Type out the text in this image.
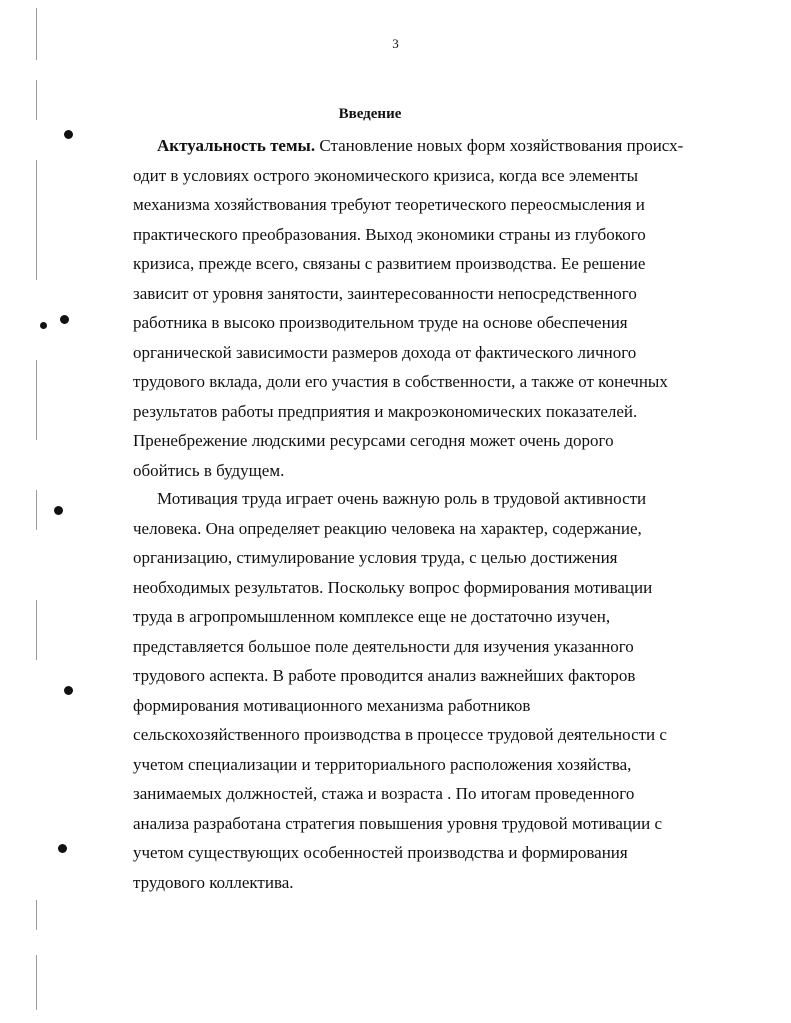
3
Введение
Актуальность темы. Становление новых форм хозяйствования происх-
одит в условиях острого экономического кризиса, когда все элементы
механизма хозяйствования требуют теоретического переосмысления и
практического преобразования. Выход экономики страны из глубокого
кризиса, прежде всего, связаны с развитием производства. Ее решение
зависит от уровня занятости, заинтересованности непосредственного
работника в высоко производительном труде на основе обеспечения
органической зависимости размеров дохода от фактического личного
трудового вклада, доли его участия в собственности, а также от конечных
результатов работы предприятия и макроэкономических показателей.
Пренебрежение людскими ресурсами сегодня может очень дорого
обойтись в будущем.
Мотивация труда играет очень важную роль в трудовой активности
человека. Она определяет реакцию человека на характер, содержание,
организацию, стимулирование условия труда, с целью достижения
необходимых результатов. Поскольку вопрос формирования мотивации
труда в агропромышленном комплексе еще не достаточно изучен,
представляется большое поле деятельности для изучения указанного
трудового аспекта. В работе проводится анализ важнейших факторов
формирования мотивационного механизма работников
сельскохозяйственного производства в процессе трудовой деятельности с
учетом специализации и территориального расположения хозяйства,
занимаемых должностей, стажа и возраста . По итогам проведенного
анализа разработана стратегия повышения уровня трудовой мотивации с
учетом существующих особенностей производства и формирования
трудового коллектива.
